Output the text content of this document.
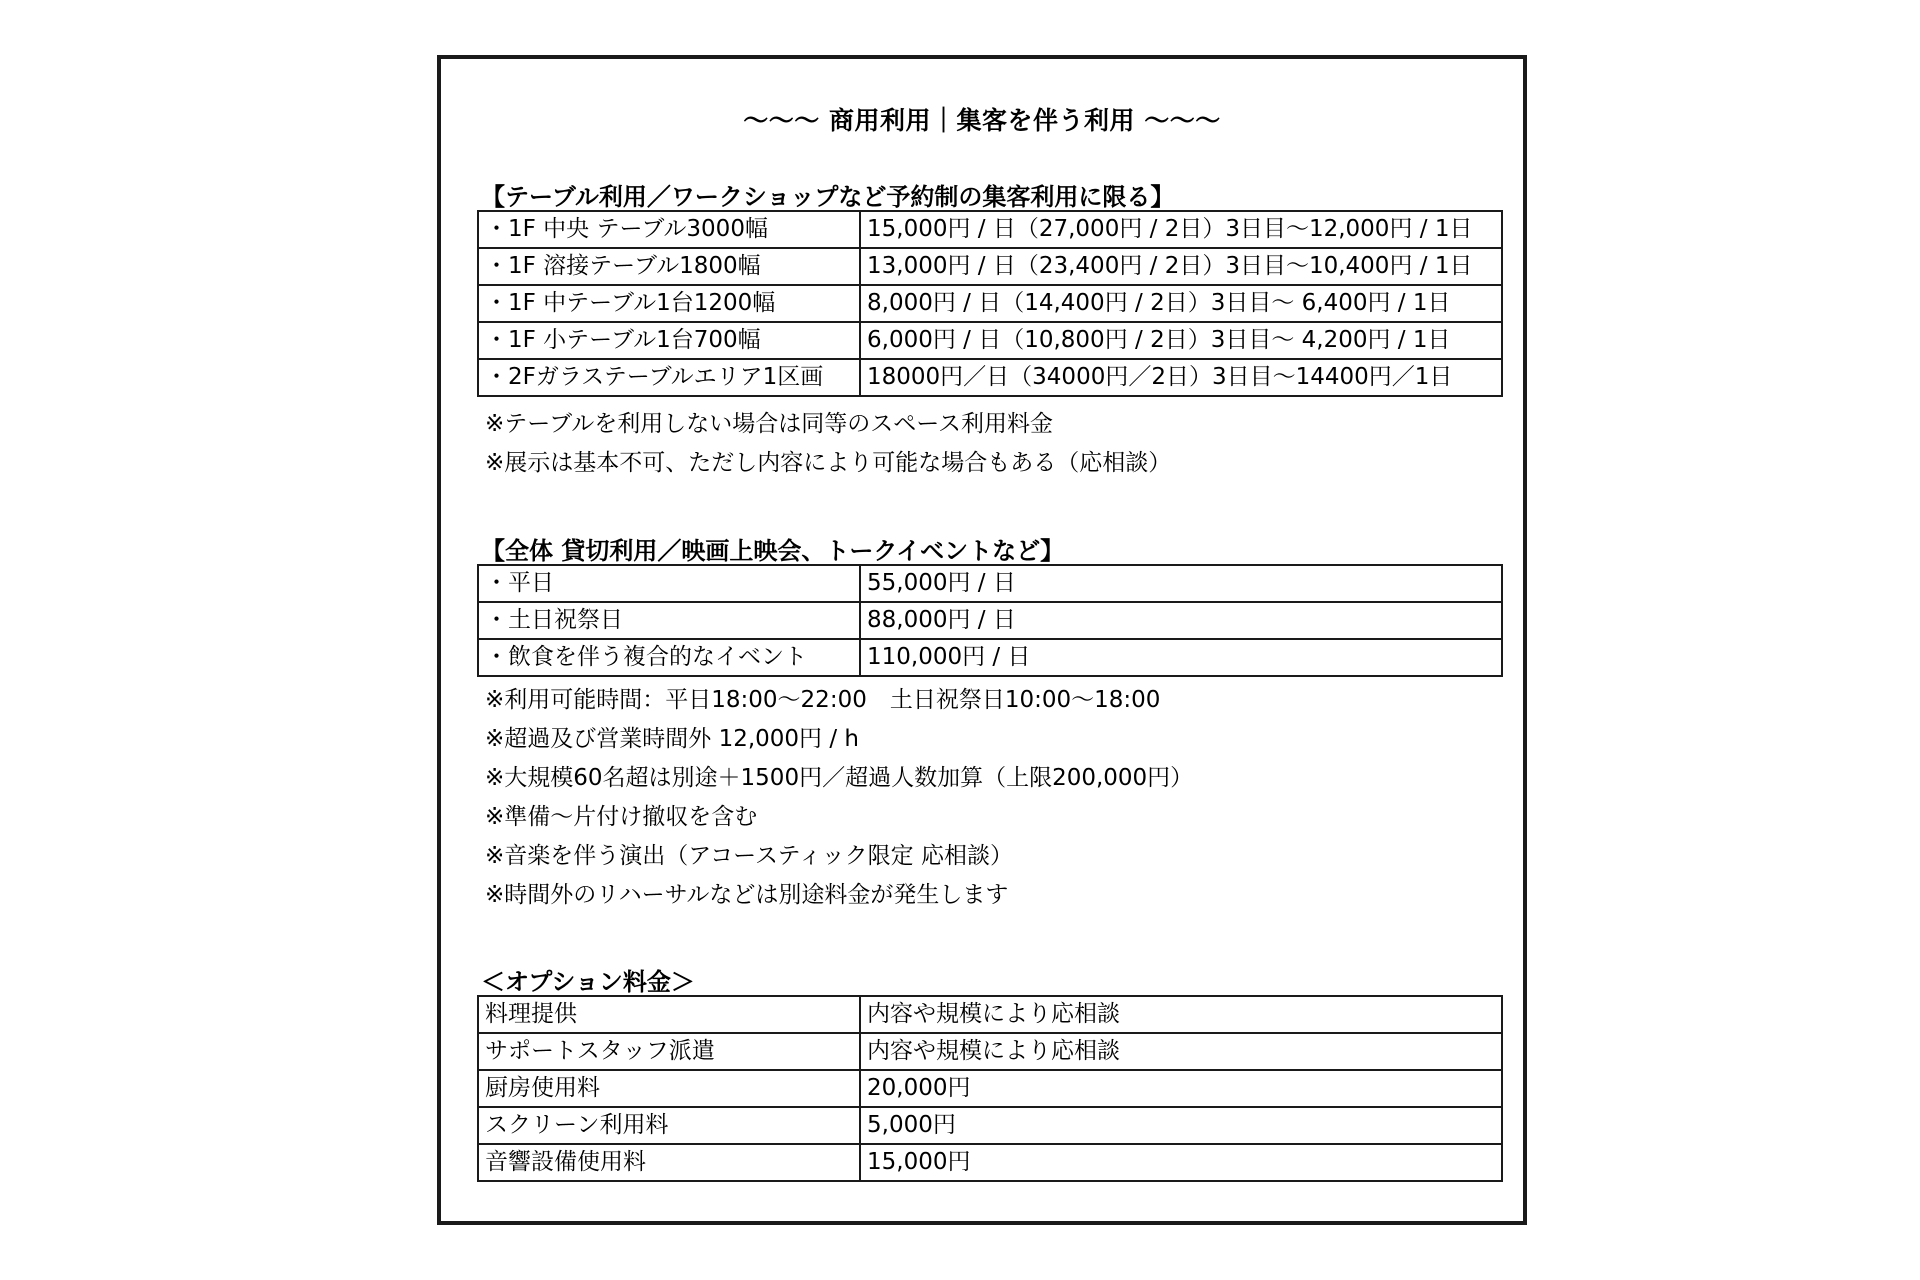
〜〜〜 商用利用｜集客を伴う利用 〜〜〜
【テーブル利用／ワークショップなど予約制の集客利用に限る】
・1F 中央 テーブル3000幅	15,000円 / 日（27,000円 / 2日）3日目〜12,000円 / 1日
・1F 溶接テーブル1800幅	13,000円 / 日（23,400円 / 2日）3日目〜10,400円 / 1日
・1F 中テーブル1台1200幅	8,000円 / 日（14,400円 / 2日）3日目〜 6,400円 / 1日
・1F 小テーブル1台700幅	6,000円 / 日（10,800円 / 2日）3日目〜 4,200円 / 1日
・2Fガラステーブルエリア1区画	18000円／日（34000円／2日）3日目〜14400円／1日
※テーブルを利用しない場合は同等のスペース利用料金
※展示は基本不可、ただし内容により可能な場合もある（応相談）
【全体 貸切利用／映画上映会、トークイベントなど】
・平日	55,000円 / 日
・土日祝祭日	88,000円 / 日
・飲食を伴う複合的なイベント	110,000円 / 日
※利用可能時間：平日18:00〜22:00　土日祝祭日10:00〜18:00
※超過及び営業時間外 12,000円 / h
※大規模60名超は別途＋1500円／超過人数加算（上限200,000円）
※準備〜片付け撤収を含む
※音楽を伴う演出（アコースティック限定 応相談）
※時間外のリハーサルなどは別途料金が発生します
＜オプション料金＞
料理提供	内容や規模により応相談
サポートスタッフ派遣	内容や規模により応相談
厨房使用料	20,000円
スクリーン利用料	5,000円
音響設備使用料	15,000円
